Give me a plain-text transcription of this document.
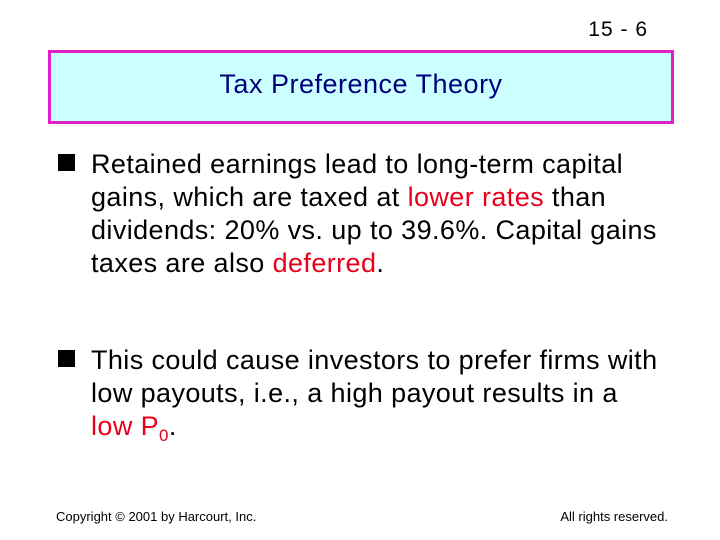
15 - 6
Tax Preference Theory
Retained earnings lead to long-term capital gains, which are taxed at lower rates than dividends: 20% vs. up to 39.6%. Capital gains taxes are also deferred.
This could cause investors to prefer firms with low payouts, i.e., a high payout results in a low $P_0$.
Copyright © 2001 by Harcourt, Inc.	All rights reserved.
